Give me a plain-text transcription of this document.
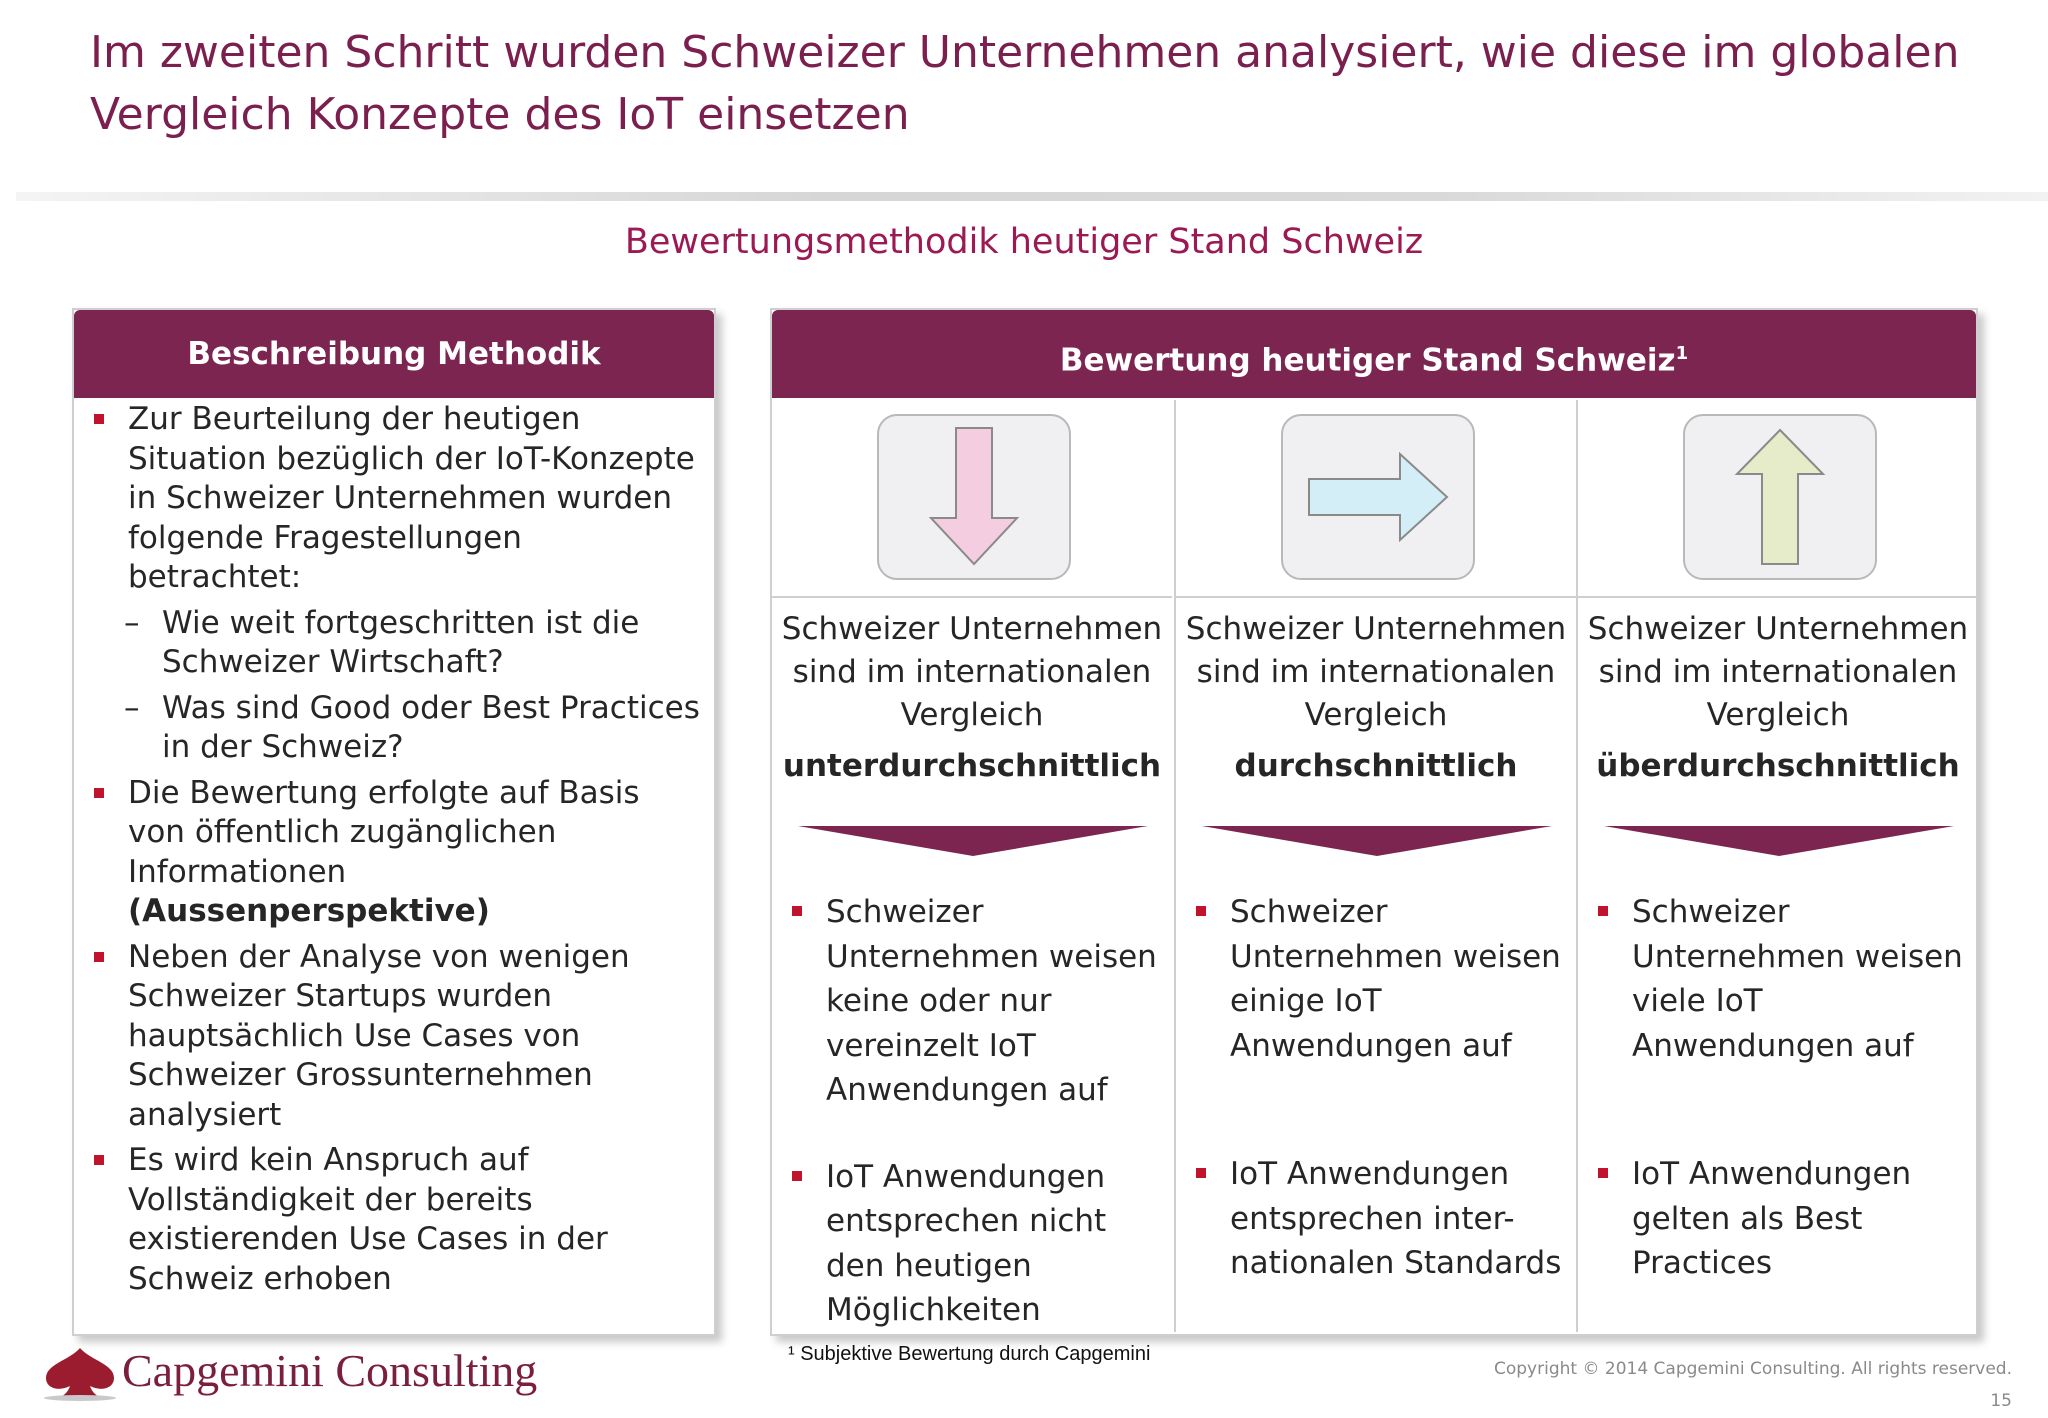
Im zweiten Schritt wurden Schweizer Unternehmen analysiert, wie diese im globalen
Vergleich Konzepte des IoT einsetzen
Bewertungsmethodik heutiger Stand Schweiz
Beschreibung Methodik

Zur Beurteilung der heutigen Situation bezüglich der IoT-Konzepte in Schweizer Unternehmen wurden folgende Fragestellungen betrachtet:

– Wie weit fortgeschritten ist die Schweizer Wirtschaft?

– Was sind Good oder Best Practices in der Schweiz?

Die Bewertung erfolgte auf Basis von öffentlich zugänglichen Informationen (Aussenperspektive)

Neben der Analyse von wenigen Schweizer Startups wurden hauptsächlich Use Cases von Schweizer Grossunternehmen analysiert

Es wird kein Anspruch auf Vollständigkeit der bereits existierenden Use Cases in der Schweiz erhoben

Bewertung heutiger Stand Schweiz$^1$
Schweizer Unternehmen sind im internationalen Vergleich
unterdurchschnittlich

Schweizer Unternehmen weisen keine oder nur vereinzelt IoT Anwendungen auf

IoT Anwendungen entsprechen nicht den heutigen Möglichkeiten

Schweizer Unternehmen sind im internationalen Vergleich
durchschnittlich

Schweizer Unternehmen weisen einige IoT Anwendungen auf

IoT Anwendungen entsprechen inter-nationalen Standards

Schweizer Unternehmen sind im internationalen Vergleich
überdurchschnittlich

Schweizer Unternehmen weisen viele IoT Anwendungen auf

IoT Anwendungen gelten als Best Practices

¹ Subjektive Bewertung durch Capgemini
Capgemini Consulting	Copyright © 2014 Capgemini Consulting. All rights reserved.
15
